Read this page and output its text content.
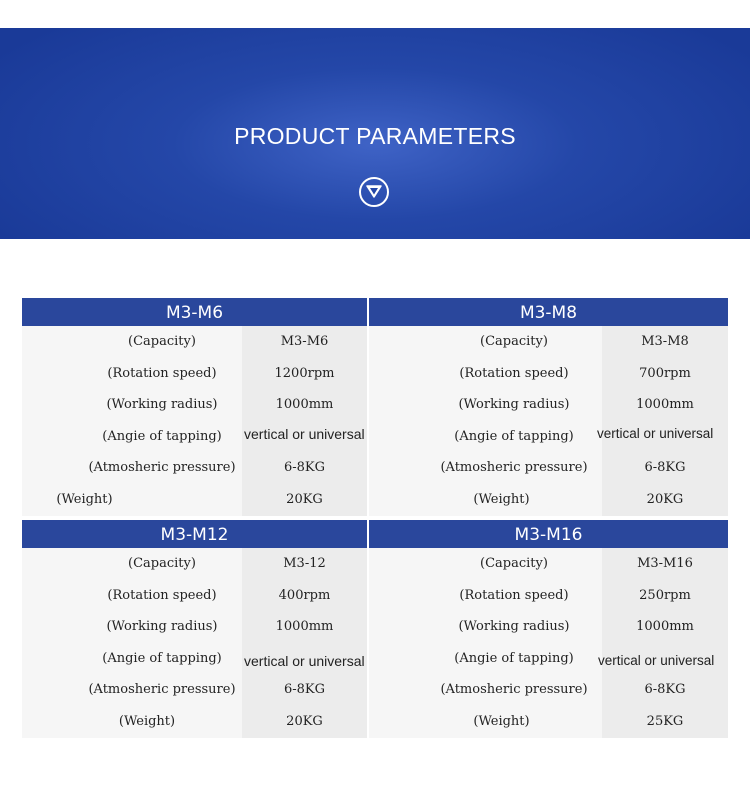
PRODUCT PARAMETERS
M3-M6
(Capacity)	M3-M6
(Rotation speed)	1200rpm
(Working radius)	1000mm
(Angie of tapping)	vertical or universal
(Atmosheric pressure)	6-8KG
(Weight)	20KG
M3-M8
(Capacity)	M3-M8
(Rotation speed)	700rpm
(Working radius)	1000mm
(Angie of tapping)	vertical or universal
(Atmosheric pressure)	6-8KG
(Weight)	20KG
M3-M12
(Capacity)	M3-12
(Rotation speed)	400rpm
(Working radius)	1000mm
(Angie of tapping)	vertical or universal
(Atmosheric pressure)	6-8KG
(Weight)	20KG
M3-M16
(Capacity)	M3-M16
(Rotation speed)	250rpm
(Working radius)	1000mm
(Angie of tapping)	vertical or universal
(Atmosheric pressure)	6-8KG
(Weight)	25KG
